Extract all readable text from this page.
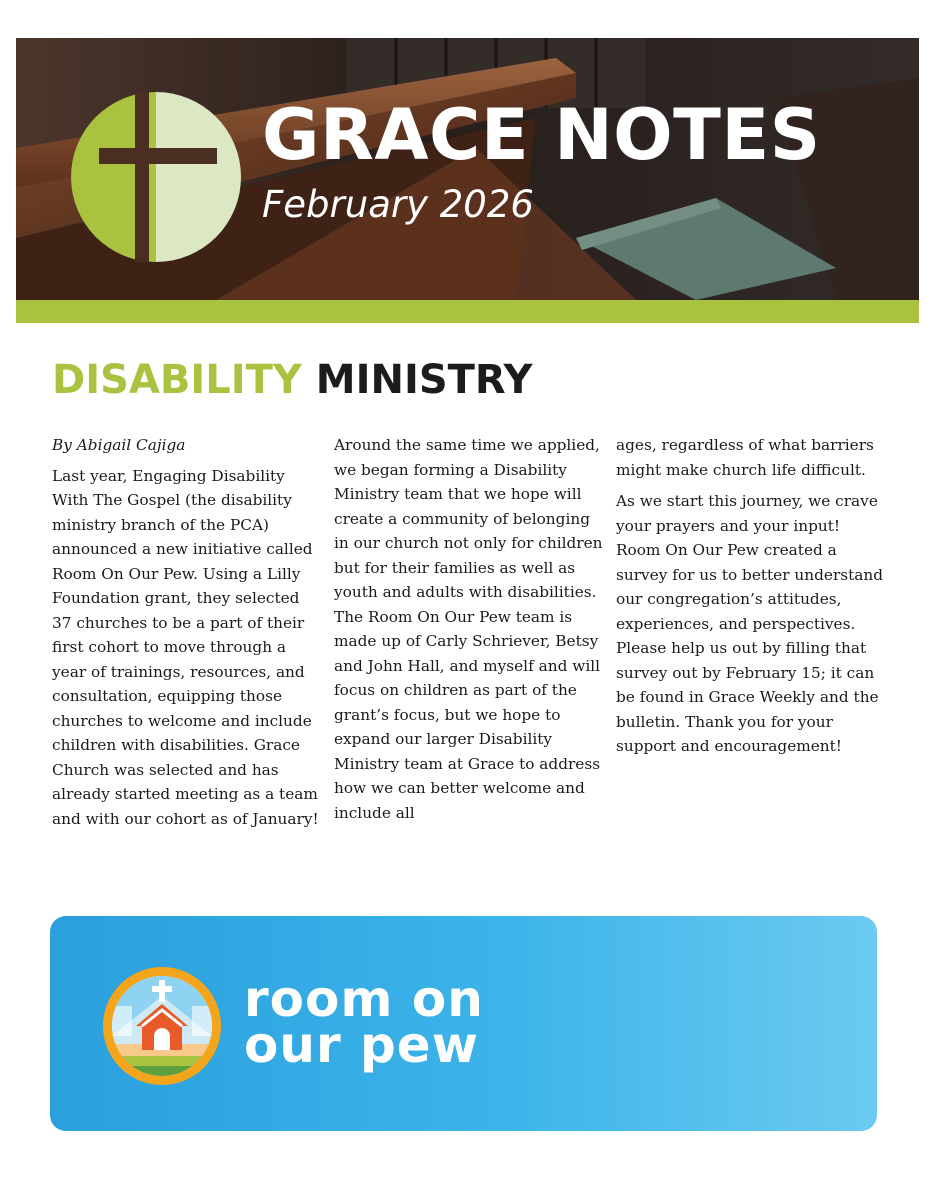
GRACE NOTES
February 2026
DISABILITY MINISTRY

By Abigail Cajiga

Last year, Engaging Disability With The Gospel (the disability ministry branch of the PCA) announced a new initiative called Room On Our Pew. Using a Lilly Foundation grant, they selected 37 churches to be a part of their first cohort to move through a year of trainings, resources, and consultation, equipping those churches to welcome and include children with disabilities. Grace Church was selected and has already started meeting as a team and with our cohort as of January!

Around the same time we applied, we began forming a Disability Ministry team that we hope will create a community of belonging in our church not only for children but for their families as well as youth and adults with disabilities. The Room On Our Pew team is made up of Carly Schriever, Betsy and John Hall, and myself and will focus on children as part of the grant’s focus, but we hope to expand our larger Disability Ministry team at Grace to address how we can better welcome and include all

ages, regardless of what barriers might make church life difficult.

As we start this journey, we crave your prayers and your input! Room On Our Pew created a survey for us to better understand our congregation’s attitudes, experiences, and perspectives. Please help us out by filling that survey out by February 15; it can be found in Grace Weekly and the bulletin. Thank you for your support and encouragement!

room on
our pew
